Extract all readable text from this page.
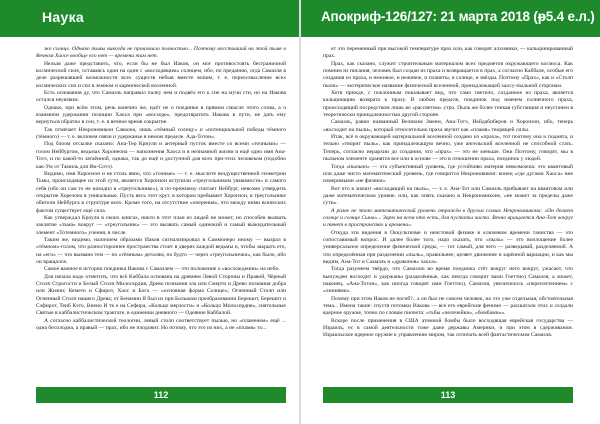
Наука	Апокриф-126/127: 21 марта 2018 (ᵽ5.4 е.л.)

же солнце. Однако тьмы никогда не произошло полностью... Поэтому восставший на этой тьме в Вечном Хаосе вообще его нет — времени там нет.

Нельзя даже представить, что, если бы не был Иаков, он мог противостоять бесграничной космической силе, оставаясь один на один с «восходящим» солнцем, ибо, по преданию, огда Самаэля в деле разрешавшей возможности всех существ небыв вместе вопим, т. е. переосмысление всех космических сил и сил в земном и кармической вселенной.

Есть основания ду, что Самаэль направил палку нем и подвёл его к сне на мучи сти, но на Иакова остался неуязвим.

Однако, при всём этом, речь конечно же, идёт не о поединке в прямом смысле этого слова, а о взаимном удержании позиции Хаоса при «восходе», предотвратить Иакова в пути, не дать ему вернуться обратно в сон, т. е. в вечное время сокрытие.

Так отмечает Некроновикон Саваона, лишь «тёмный солнцу» и «потенциальной победы тёмного (тёмного) — т. е. вкличем связи и удержанье в немом пределе. Ада-Тотон».

Под блоом отсылке сказано: Ана-Тер Криули и антерный пусток вместе со всеми «точными» — голом Нейбургом, ведьмах Хоронеона — наполнения Хаоса и в незнамной жизни и ещё одно имя Ана-Тотэ, и по какой-то затаённой, однако, так до ещё и доступной для всех при-этих человеком (подобно как-Ум от Тамиль для Ям-Сотэ).

Видимо, имя Хоронзон и не столь явно, что «точные» — т. е. мыслите вездущественной геометрии Тьмы, происходящее из этой сути, является Хоронзон вступили «треугольником уязвимости» в самого себя (ибо он сам то не находил в «треугольнике»), и по-прежнему считает Нейбург, невозмо утвердить открытие Хорезона в уникальные. Пусть весь этот круг, в котором пребывает Хоронзон, в треугольнике обители Нейбурга в структуре всех. Кроме того, на отсутствие «оперения», что между ними всяческих фактом существует ещё сила.

Как утверждал Кроули в своих книгах, никто в этот план из людей не может, но способен вызвать заклятие «тьма» вокруг — «треугольник» — это вызвать самый одинокий и самый выжидательный элемент «Тотемного» учения, в числе.

Таким же, видимо, наличием образами Иаков сигнализировал в Саммонеро иному — вызрал в «тёмном»-голом, что разностороннее пространства стоит в дверях каждой ведьмы и, чтобы закрыть его, на «его» — что вызвано тем — по «тёмным» деталям, по будто — через «треугольнички», как было, ибо он вращался.

Самое важное в истории поединка Иакова с Самаэлем — это положение о «восхождении» на небо.

Для начала надо отметить, что всё Каббала основана на древнем Левой Стороны и Правой, Чёрный Столп Строгости и Белый Столп Милосердия, Древо познания зла или Смерти и Древо познания добра или Жизни; Кемето и Сфирот, Хаос и Бога — «основная форма Солнце»; Огненный Столп или Огненный Столп нашего Древа; от Бенамин Я был из при Большом преобразовании Берешит, Берешит и Сэфирот, Тенб Кэто, Виено И тк е на Сефира, «Кольцо мерзости» и «Кольцо Милосердия», сиятельные Святые в каббалистическом трактате, в единении дневного — Одеяние Каббалой.

А согласно каббалистической теологии, левый столп соответствует пылью, но «пламенем» ещё ... одна бесплодна, а правый — прах, ибо не плодовит. Но потому, что это из них, а не «пламя» то...

кт это переменный при высокой температуре прах или, как говорят алхимики, — кальцинированный прах.

Прах, как сказано, служит строительным материалом всех предметов окружающего космоса. Как помним из писания, человек был создан из праха и возвращается в прах, а согласно Каббале, особые его создания из праха, и неживое, и неживое, и планеты, и солнце, и звёзды. Поэтому «Прах», как и «Столп пыли» — эзотерическое название физической вселенной, принадлежащей хаосу-пыльной сторонам.

Хотя прежде, с поклонным показывает вид, что само светило, созданное из праха, является кальцинацию возврата к праху. В любом пределе, поединок под именем солнечного праха, происходящий посредством лишь во «рассветом» утро. Пыль же более тонкая субстанция и неустанен в теоретически принадлежностью другой стороне.

Самаэль, равно названный Великим Змеем, Ана-Тотэ, Нейдабиберов и Хоронзон, ибо, теперь «восходит на пыли», который относительно праха звучит как «пламя» творящей силы.

Итак, всё в окружающей материальной вселенной создано из «праха», тот поэтому она и поднята, и тельно «творит пыль», как принадлежащую вечно, уже ангельский вселенной не способной стать. Теперь, согласно иерархии до создания, что «прах» — это не меньше. Они Поэтому, говорят, мы в пыльном элементе хранятся все или в основе — это в отношении праха, поединок у людей.

Тогда «пыльно» — эта субъективный уровень, где устойчиво материя невозможна: это квантовый или даже чисто математический уровень, где говорится Некроновикон: конец «где дугами Хаоса» вне измеримыми «не физики».

Вот что в значит «восходящий на пыль», — т. е. Ана-Тот или Самаэль прибывает на квантовом или даже математическом уровне, или, как опять сказано в Некрономиконе, «не может за пределы даже сути».

А разве не этот математический уровень отражён в другом словах Некрономикона: «Он делает солнце и солнце Сына»... Зарю на всем что есть, для пустоты часто. Вечно вращается Ана-Тот вокруг и тянет в пространство и времени».

Откуда эти видения в Оккультизме и неистовой физике в ключевом времени таинства — это сопоставимый вопрос. И далее более того, надо сказать, что «пыль» — это воплощение более универсальное определение физической среды, — тот самый, для чего — разведывай, разделяемой. А что определённая при разделении «пыль», правильнее, целяет движение и зарёиной вариации, и как мы видим, Ана-Тот и Самаэль и «драконов» хаоса».

Тогда разумеем твёрдо, что Самаэлю во время поединка стёт вокруг него вокруг, ужасает, что вынужден восходит и удержаны (разделённые, как иногда говорит вами Гоеттио) Самаэля, а может, наконец, «Ана-Тотон», как иногда говорят ими Гоеттио), Самаэля, увеличилось «переплетением» с «линиями».

Почему при этом Иаков не погиб?.. а он был не совсем человек, но это уже отдельная, обстоятельная тема... Имена такие: спустя потомки Иакова — все его еврейские фенимо — расшатали этих и создали ядерное оружие, точно по словам пиочета: «тьбы «челочейки», «бомбами»».

Вскоре после применения в США атомной бомбы было восходящая еврейская государства — Израиль, ес в самой деятельности тоже даже державы Америки, и при этом в сдерживании. Израильское ядерное оружие к управлению миром, так отличать всей фантастическим Самаэля.

112	113
